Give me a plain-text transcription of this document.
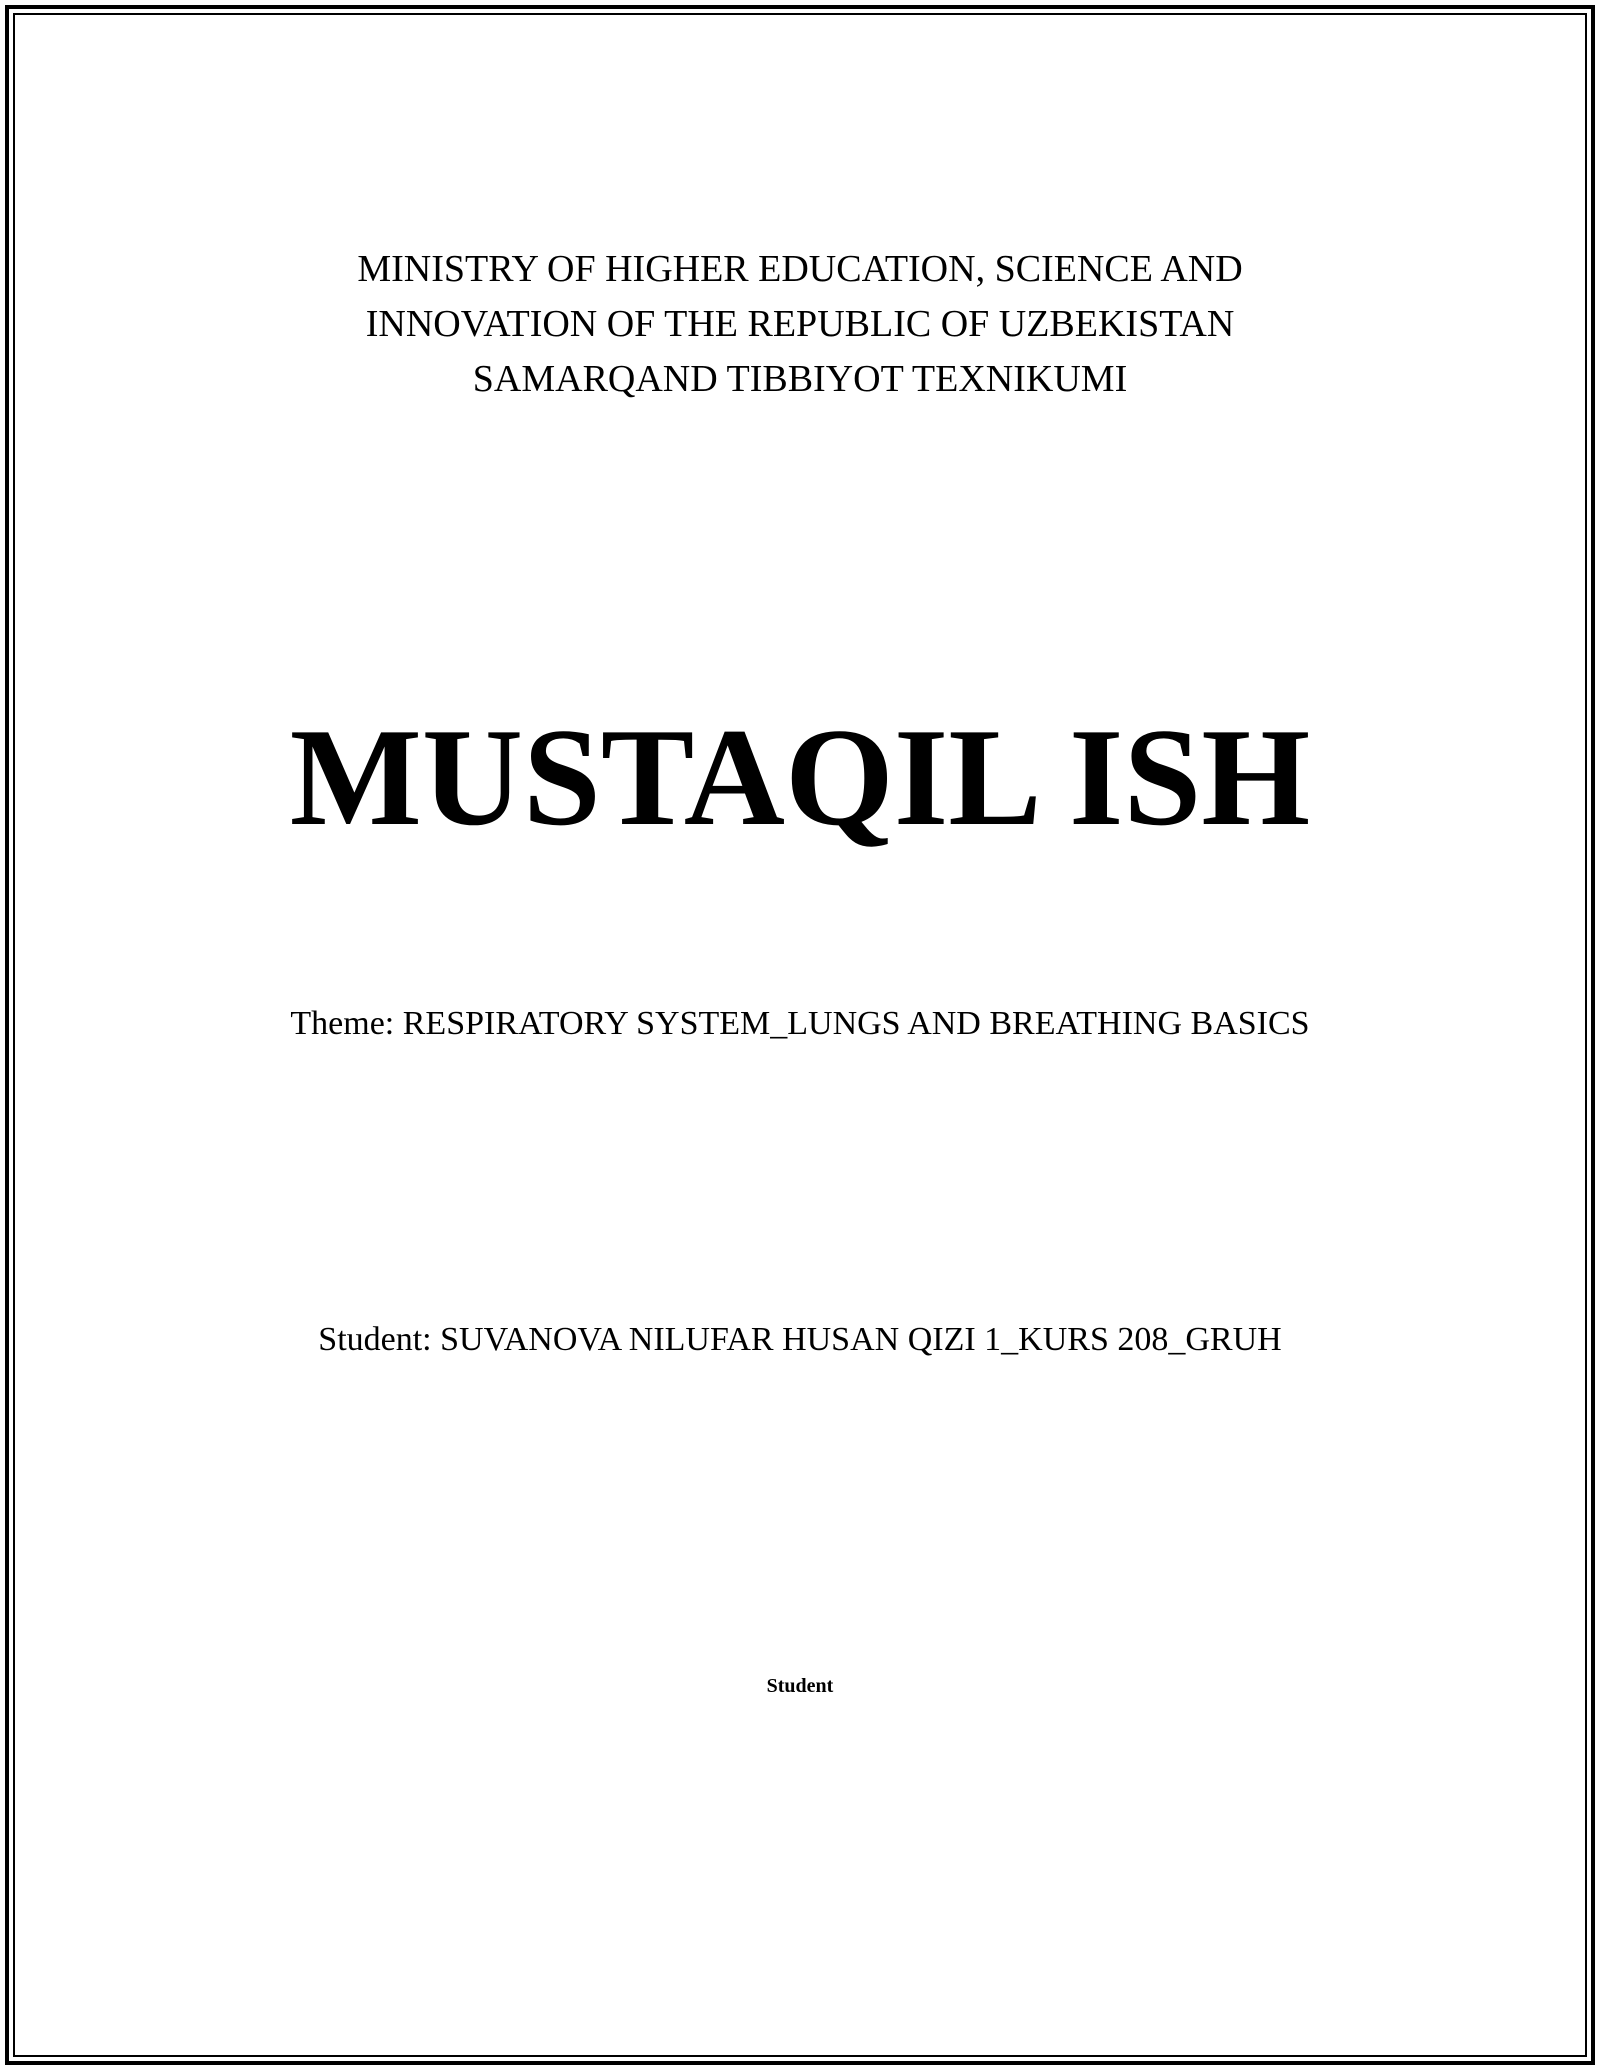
MINISTRY OF HIGHER EDUCATION, SCIENCE AND
INNOVATION OF THE REPUBLIC OF UZBEKISTAN
SAMARQAND TIBBIYOT TEXNIKUMI
MUSTAQIL ISH
Theme: RESPIRATORY SYSTEM_LUNGS AND BREATHING BASICS
Student: SUVANOVA NILUFAR HUSAN QIZI 1_KURS 208_GRUH
Student
